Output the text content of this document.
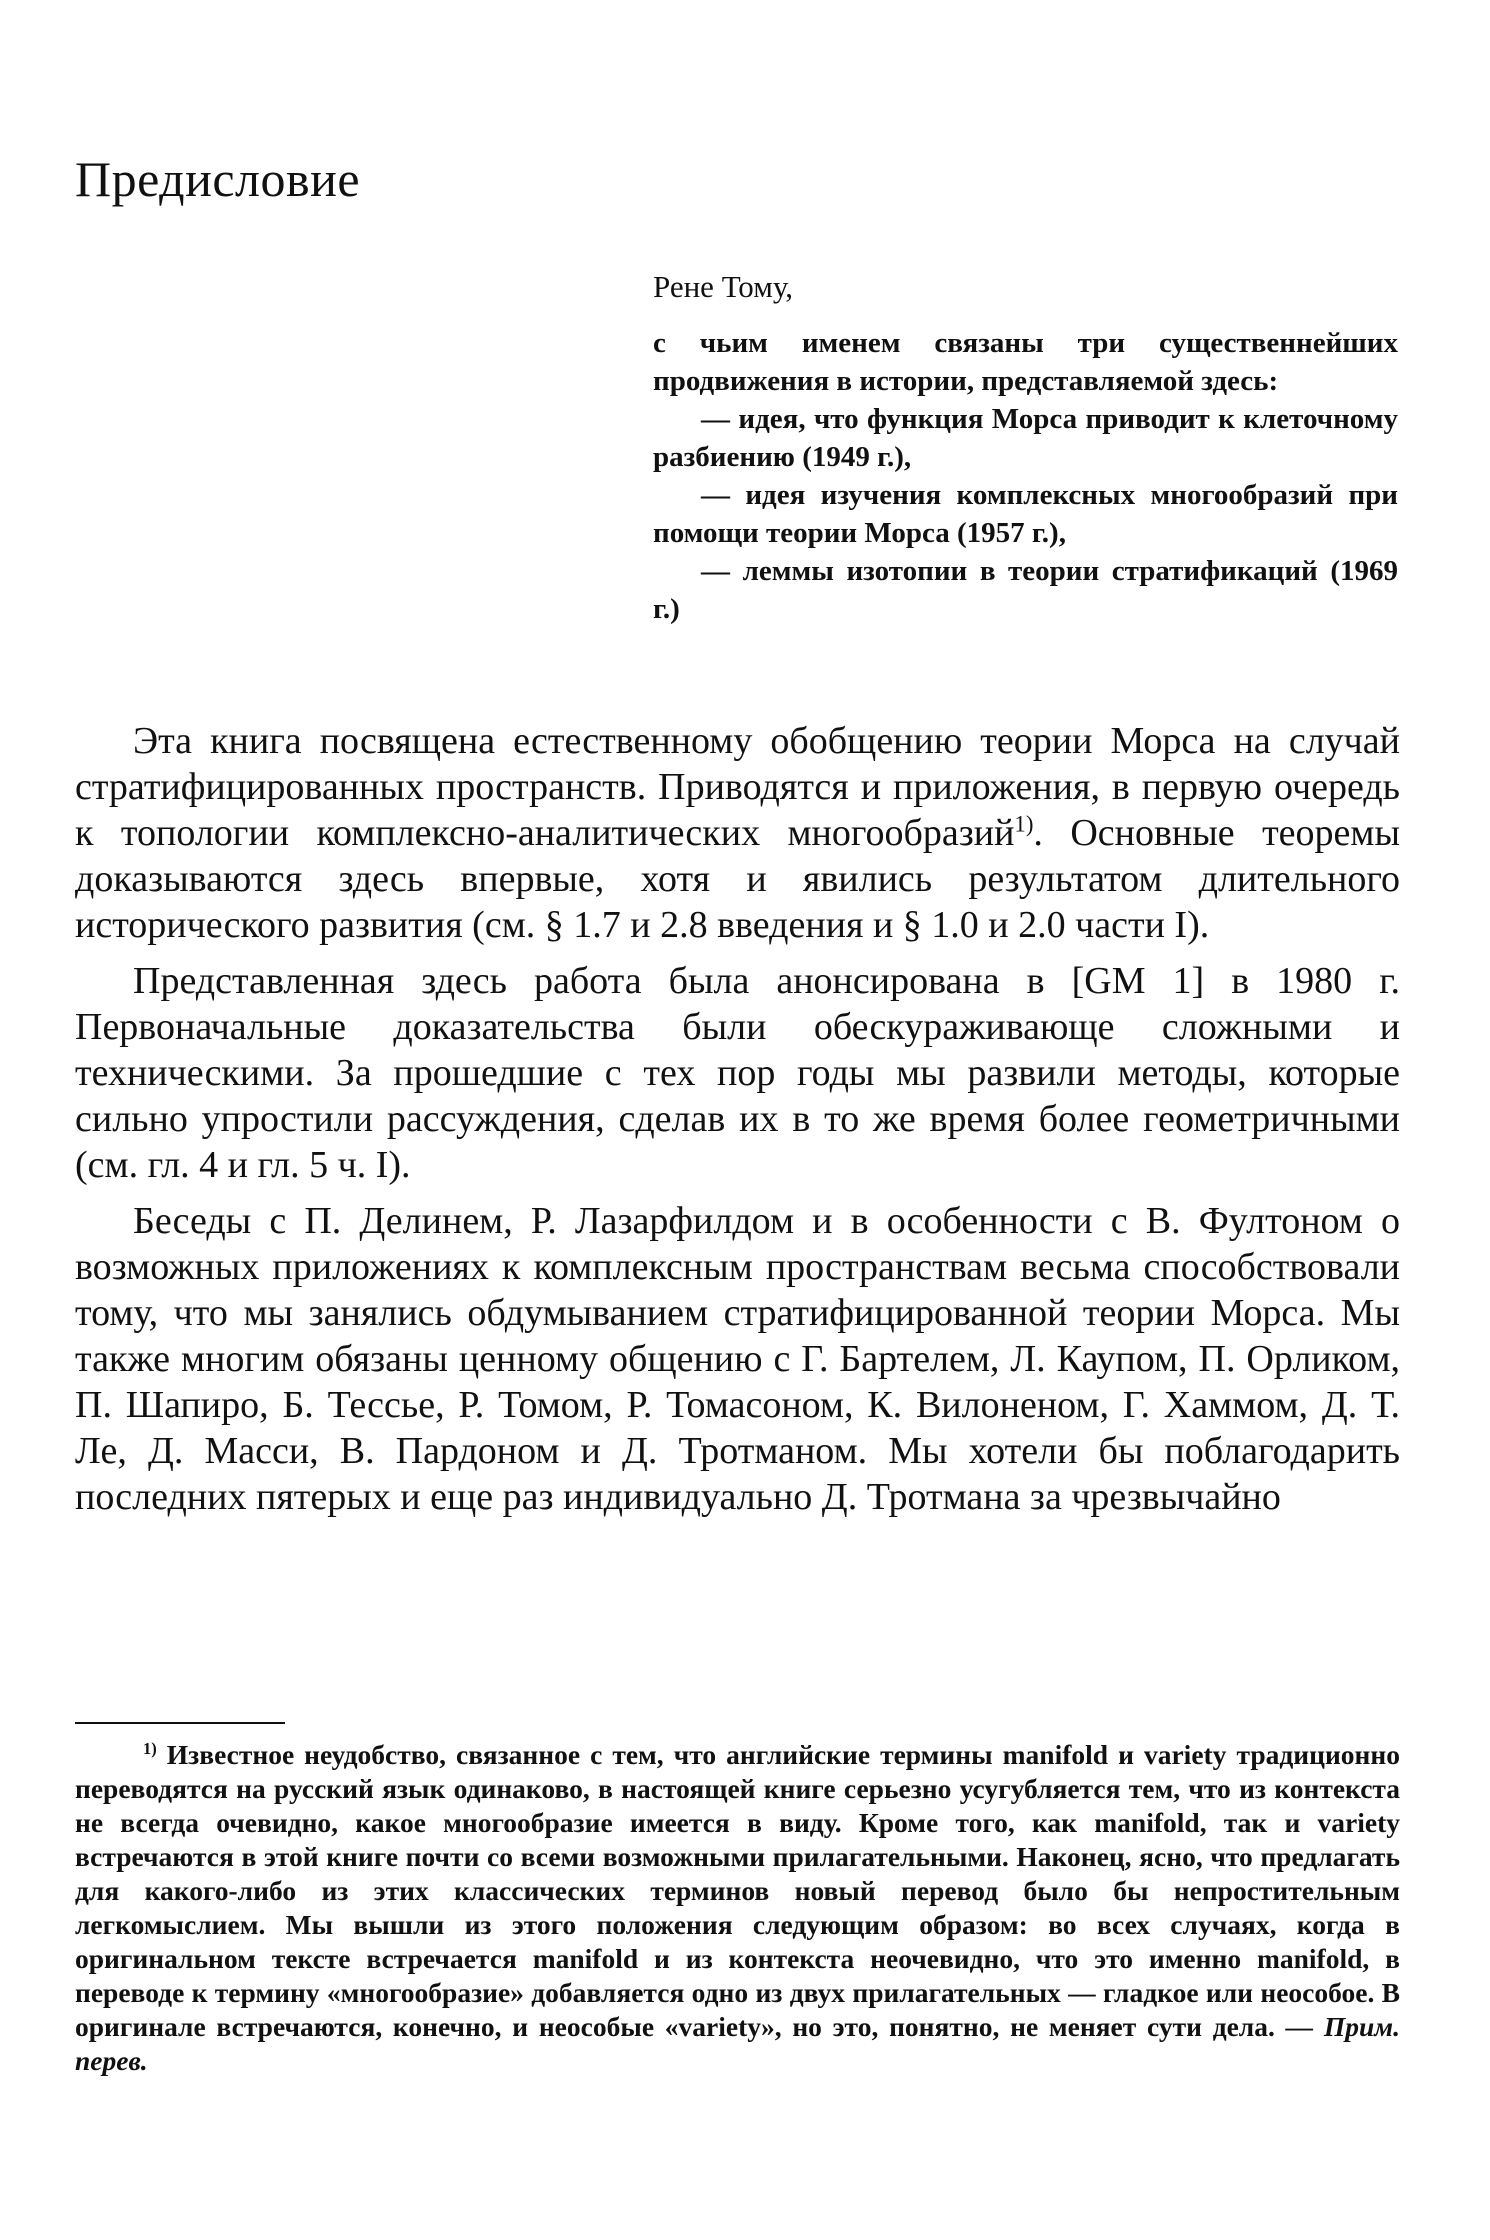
Предисловие
Рене Тому,
с чьим именем связаны три существеннейших продвижения в истории, представляемой здесь:
— идея, что функция Морса приводит к клеточному разбиению (1949 г.),
— идея изучения комплексных многообразий при помощи теории Морса (1957 г.),
— леммы изотопии в теории стратификаций (1969 г.)

Эта книга посвящена естественному обобщению теории Морса на случай стратифицированных пространств. Приводятся и приложения, в первую очередь к топологии комплексно-аналитических многообразий$^{1)}$. Основные теоремы доказываются здесь впервые, хотя и явились результатом длительного исторического развития (см. § 1.7 и 2.8 введения и § 1.0 и 2.0 части I).

Представленная здесь работа была анонсирована в [GM 1] в 1980 г. Первоначальные доказательства были обескураживающе сложными и техническими. За прошедшие с тех пор годы мы развили методы, которые сильно упростили рассуждения, сделав их в то же время более геометричными (см. гл. 4 и гл. 5 ч. I).

Беседы с П. Делинем, Р. Лазарфилдом и в особенности с В. Фултоном о возможных приложениях к комплексным пространствам весьма способствовали тому, что мы занялись обдумыванием стратифицированной теории Морса. Мы также многим обязаны ценному общению с Г. Бартелем, Л. Каупом, П. Орликом, П. Шапиро, Б. Тессье, Р. Томом, Р. Томасоном, К. Вилоненом, Г. Хаммом, Д. Т. Ле, Д. Масси, В. Пардоном и Д. Тротманом. Мы хотели бы поблагодарить последних пятерых и еще раз индивидуально Д. Тротмана за чрезвычайно

$^{1)}$ Известное неудобство, связанное с тем, что английские термины manifold и variety традиционно переводятся на русский язык одинаково, в настоящей книге серьезно усугубляется тем, что из контекста не всегда очевидно, какое многообразие имеется в виду. Кроме того, как manifold, так и variety встречаются в этой книге почти со всеми возможными прилагательными. Наконец, ясно, что предлагать для какого-либо из этих классических терминов новый перевод было бы непростительным легкомыслием. Мы вышли из этого положения следующим образом: во всех случаях, когда в оригинальном тексте встречается manifold и из контекста неочевидно, что это именно manifold, в переводе к термину «многообразие» добавляется одно из двух прилагательных — гладкое или неособое. В оригинале встречаются, конечно, и неособые «variety», но это, понятно, не меняет сути дела. — Прим. перев.
